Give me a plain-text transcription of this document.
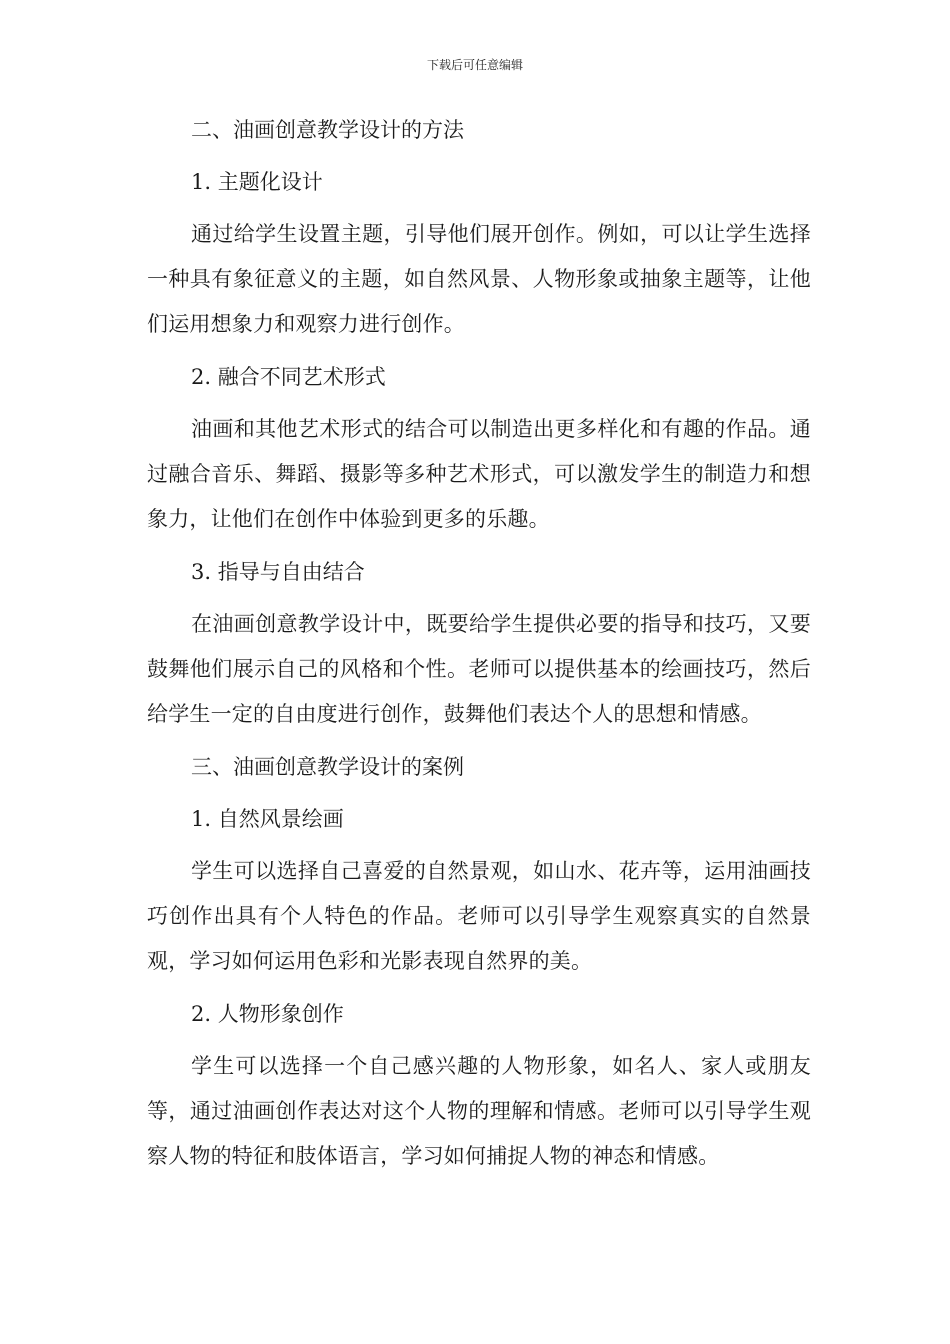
下载后可任意编辑
二、油画创意教学设计的方法
1. 主题化设计

通过给学生设置主题，引导他们展开创作。例如，可以让学生选择一种具有象征意义的主题，如自然风景、人物形象或抽象主题等，让他们运用想象力和观察力进行创作。

2. 融合不同艺术形式

油画和其他艺术形式的结合可以制造出更多样化和有趣的作品。通过融合音乐、舞蹈、摄影等多种艺术形式，可以激发学生的制造力和想象力，让他们在创作中体验到更多的乐趣。

3. 指导与自由结合

在油画创意教学设计中，既要给学生提供必要的指导和技巧，又要鼓舞他们展示自己的风格和个性。老师可以提供基本的绘画技巧，然后给学生一定的自由度进行创作，鼓舞他们表达个人的思想和情感。

三、油画创意教学设计的案例
1. 自然风景绘画

学生可以选择自己喜爱的自然景观，如山水、花卉等，运用油画技巧创作出具有个人特色的作品。老师可以引导学生观察真实的自然景观，学习如何运用色彩和光影表现自然界的美。

2. 人物形象创作

学生可以选择一个自己感兴趣的人物形象，如名人、家人或朋友等，通过油画创作表达对这个人物的理解和情感。老师可以引导学生观察人物的特征和肢体语言，学习如何捕捉人物的神态和情感。
